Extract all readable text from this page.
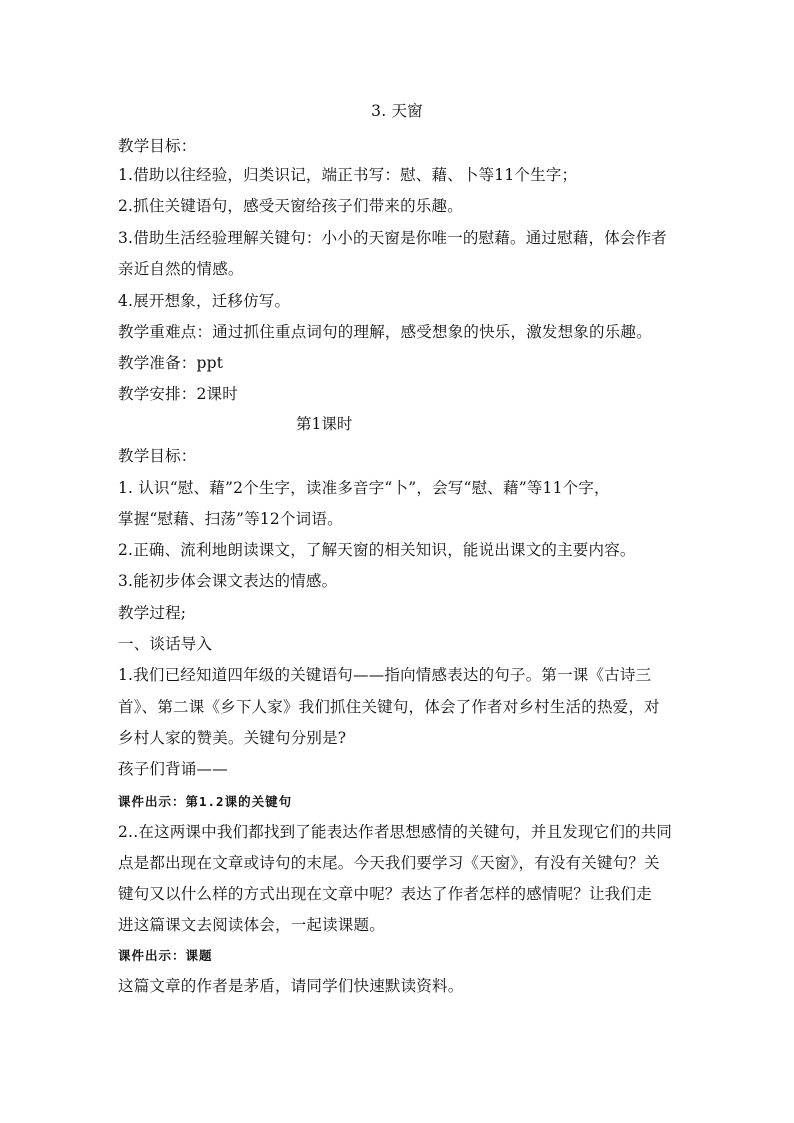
3. 天窗
教学目标：
1.借助以往经验，归类识记，端正书写：慰、藉、卜等11个生字；
2.抓住关键语句，感受天窗给孩子们带来的乐趣。
3.借助生活经验理解关键句：小小的天窗是你唯一的慰藉。通过慰藉，体会作者
亲近自然的情感。
4.展开想象，迁移仿写。
教学重难点：通过抓住重点词句的理解，感受想象的快乐，激发想象的乐趣。
教学准备：ppt
教学安排：2课时
第1课时
教学目标：
1. 认识“慰、藉”2个生字，读准多音字“卜”，会写“慰、藉”等11个字，
掌握“慰藉、扫荡”等12个词语。
2.正确、流利地朗读课文，了解天窗的相关知识，能说出课文的主要内容。
3.能初步体会课文表达的情感。
教学过程;
一、谈话导入
1.我们已经知道四年级的关键语句——指向情感表达的句子。第一课《古诗三
首》、第二课《乡下人家》我们抓住关键句，体会了作者对乡村生活的热爱，对
乡村人家的赞美。关键句分别是?
孩子们背诵——
课件出示：第1.2课的关键句
2..在这两课中我们都找到了能表达作者思想感情的关键句，并且发现它们的共同
点是都出现在文章或诗句的末尾。今天我们要学习《天窗》，有没有关键句？关
键句又以什么样的方式出现在文章中呢？表达了作者怎样的感情呢？让我们走
进这篇课文去阅读体会，一起读课题。
课件出示：课题
这篇文章的作者是茅盾，请同学们快速默读资料。
